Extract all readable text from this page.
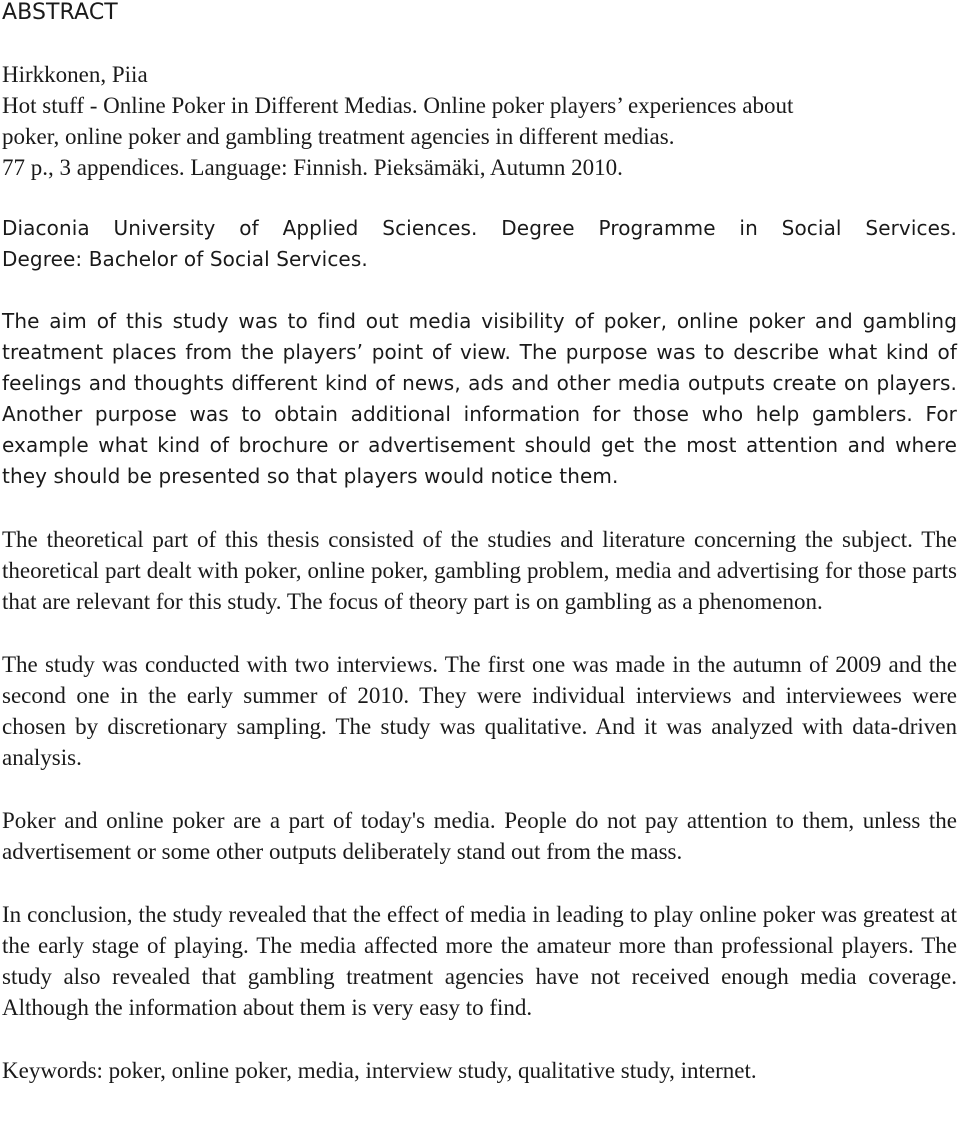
ABSTRACT
Hirkkonen, Piia
Hot stuff - Online Poker in Different Medias. Online poker players’ experiences about
poker, online poker and gambling treatment agencies in different medias.
77 p., 3 appendices. Language: Finnish. Pieksämäki, Autumn 2010.
Diaconia University of Applied Sciences. Degree Programme in Social Services.
Degree: Bachelor of Social Services.

The aim of this study was to find out media visibility of poker, online poker and gambling treatment places from the players’ point of view. The purpose was to describe what kind of feelings and thoughts different kind of news, ads and other media outputs create on players. Another purpose was to obtain additional information for those who help gamblers. For example what kind of brochure or advertisement should get the most attention and where they should be presented so that players would notice them.

The theoretical part of this thesis consisted of the studies and literature concerning the subject. The theoretical part dealt with poker, online poker, gambling problem, media and advertising for those parts that are relevant for this study. The focus of theory part is on gambling as a phenomenon.

The study was conducted with two interviews. The first one was made in the autumn of 2009 and the second one in the early summer of 2010. They were individual interviews and interviewees were chosen by discretionary sampling. The study was qualitative. And it was analyzed with data-driven analysis.

Poker and online poker are a part of today's media. People do not pay attention to them, unless the advertisement or some other outputs deliberately stand out from the mass.

In conclusion, the study revealed that the effect of media in leading to play online poker was greatest at the early stage of playing. The media affected more the amateur more than professional players. The study also revealed that gambling treatment agencies have not received enough media coverage. Although the information about them is very easy to find.

Keywords: poker, online poker, media, interview study, qualitative study, internet.
